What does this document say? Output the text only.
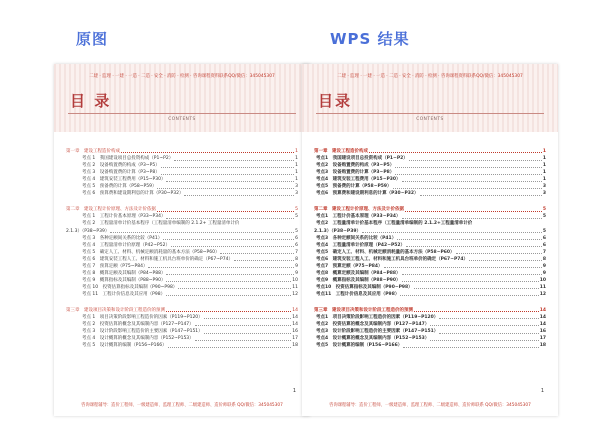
原图	WPS 结果
二建 · 监理 · 一建 · 一造 · 二造 · 安全 · 消防 · 检测 · 咨询课程资料联系QQ/微信：345045307
目 录
CONTENTS
第一章　建设工程造价构成	1
考点 1　我国建设项目总投资构成（P1~P2）	1
考点 2　设备购置费的构成（P3~P5）	1
考点 3　设备购置费的计算（P3~P8）	1
考点 4　建筑安装工程费用（P15~P30）	1
考点 5　预备费的计算（P58~P59）	3
考点 6　预算费和建设期利息的计算（P30~P32）	3
第二章　建设工程计价原理、方法及计价依据	5
考点 1　工程计价基本原理（P33~P34）	5
考点 2　工程量清单计价基本程序（工程量清单编制的 2.1.2+ 工程量清单计价
2.1.3）（P38~P39）	5
考点 3　各种定额间关系的比较（P41）	6
考点 4　工程量清单计价原理（P42~P52）	6
考点 5　确定人工、材料、机械定额消耗量的基本方法（P58~P60）	7
考点 6　建筑安装工程人工、材料和施工机具台班单价的确定（P67~P74）	8
考点 7　预算定额（P75~P84）	9
考点 8　概算定额及其编制（P84~P88）	9
考点 9　概算指标及其编制（P88~P90）	10
考点 10　投资估算指标及其编制（P90~P98）	11
考点 11　工程计价信息及其应用（P98）	12
第三章　建设项目决策和设计阶段工程造价的预测	14
考点 1　项目决策阶段影响工程造价的因素（P119~P120）	14
考点 2　投资估算的概念及其编制内容（P127~P147）	14
考点 3　设计阶段影响工程造价的主要因素（P147~P151）	16
考点 4　设计概算的概念及其编制内容（P152~P153）	17
考点 5　设计概算的编制（P156~P166）	18
1
咨询课程辅导：造价工程师、一级建造师、监理工程师、二级建造师、造价师联系 QQ/微信：345045307
二建 · 监理 · 一建 · 一造 · 二造 · 安全 · 消防 · 检测 · 咨询课程资料联系QQ/微信：345045307
目录
CONTENTS
第一章　建设工程造价构成	1
考点1　我国建设项目总投资构成（P1~P2）	1
考点2　设备购置费的构成（P3~P5）	1
考点3　设备购置费的计算（P3~P8）	1
考点4　建筑安装工程费用（P15~P30）	1
考点5　预备费的计算（P58~P59）	3
考点6　预算费和建设期利息的计算（P30~P32）	3
第二章　建设工程计价原理、方法及计价依据	5
考点1　工程计价基本原理（P33~P34）	5
考点2　工程量清单计价基本程序（工程量清单编制的 2.1.2+工程量清单计价
2.1.3）（P38~P39）	5
考点3　各种定额间关系的比较（P41）	6
考点4　工程量清单计价原理（P42~P52）	6
考点5　确定人工、材料、机械定额消耗量的基本方法（P58~P60）	7
考点6　建筑安装工程人工、材料和施工机具台班单价的确定（P67~P74）	8
考点7　预算定额（P75~P84）	9
考点8　概算定额及其编制（P84~P88）	9
考点9　概算指标及其编制（P88~P90）	10
考点10　投资估算指标及其编制（P90~P98）	11
考点11　工程计价信息及其应用（P98）	12
第三章　建设项目决策和设计阶段工程造价的预测	14
考点1　项目决策阶段影响工程造价的因素（P119~P120）	14
考点2　投资估算的概念及其编制内容（P127~P147）	14
考点3　设计阶段影响工程造价的主要因素（P147~P151）	16
考点4　设计概算的概念及其编制内容（P152~P153）	17
考点5　设计概算的编制（P156~P166）	18
1
咨询课程辅导：造价工程师、一级建造师、监理工程师、二级建造师、造价师联系 QQ/微信：345045307
